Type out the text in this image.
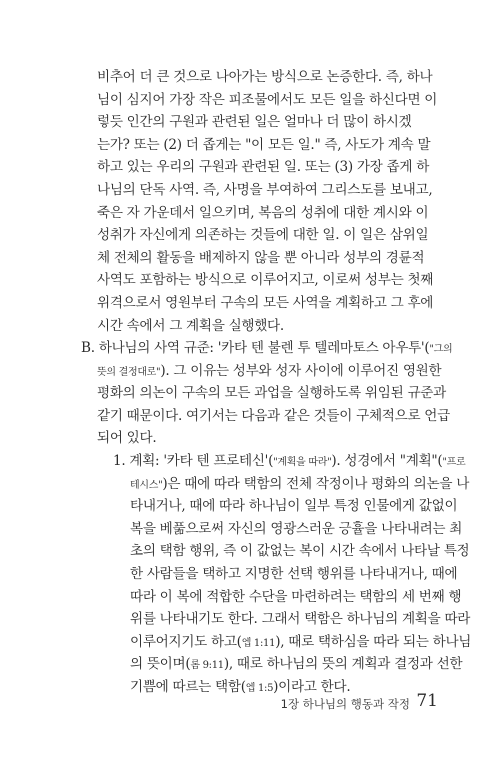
비추어 더 큰 것으로 나아가는 방식으로 논증한다. 즉, 하나
님이 심지어 가장 작은 피조물에서도 모든 일을 하신다면 이
렇듯 인간의 구원과 관련된 일은 얼마나 더 많이 하시겠
는가? 또는 (2) 더 좁게는 "이 모든 일." 즉, 사도가 계속 말
하고 있는 우리의 구원과 관련된 일. 또는 (3) 가장 좁게 하
나님의 단독 사역. 즉, 사명을 부여하여 그리스도를 보내고,
죽은 자 가운데서 일으키며, 복음의 성취에 대한 계시와 이
성취가 자신에게 의존하는 것들에 대한 일. 이 일은 삼위일
체 전체의 활동을 배제하지 않을 뿐 아니라 성부의 경륜적
사역도 포함하는 방식으로 이루어지고, 이로써 성부는 첫째
위격으로서 영원부터 구속의 모든 사역을 계획하고 그 후에
시간 속에서 그 계획을 실행했다.
B. 하나님의 사역 규준: '카타 텐 불렌 투 텔레마토스 아우투'("그의
뜻의 결정대로"). 그 이유는 성부와 성자 사이에 이루어진 영원한
평화의 의논이 구속의 모든 과업을 실행하도록 위임된 규준과
같기 때문이다. 여기서는 다음과 같은 것들이 구체적으로 언급
되어 있다.
1. 계획: '카타 텐 프로테신'("계획을 따라"). 성경에서 "계획"("프로
테시스")은 때에 따라 택함의 전체 작정이나 평화의 의논을 나
타내거나, 때에 따라 하나님이 일부 특정 인물에게 값없이
복을 베풂으로써 자신의 영광스러운 긍휼을 나타내려는 최
초의 택함 행위, 즉 이 값없는 복이 시간 속에서 나타날 특정
한 사람들을 택하고 지명한 선택 행위를 나타내거나, 때에
따라 이 복에 적합한 수단을 마련하려는 택함의 세 번째 행
위를 나타내기도 한다. 그래서 택함은 하나님의 계획을 따라
이루어지기도 하고(엡 1:11), 때로 택하심을 따라 되는 하나님
의 뜻이며(롬 9:11), 때로 하나님의 뜻의 계획과 결정과 선한
기쁨에 따르는 택함(엡 1:5)이라고 한다.
1장 하나님의 행동과 작정 71
